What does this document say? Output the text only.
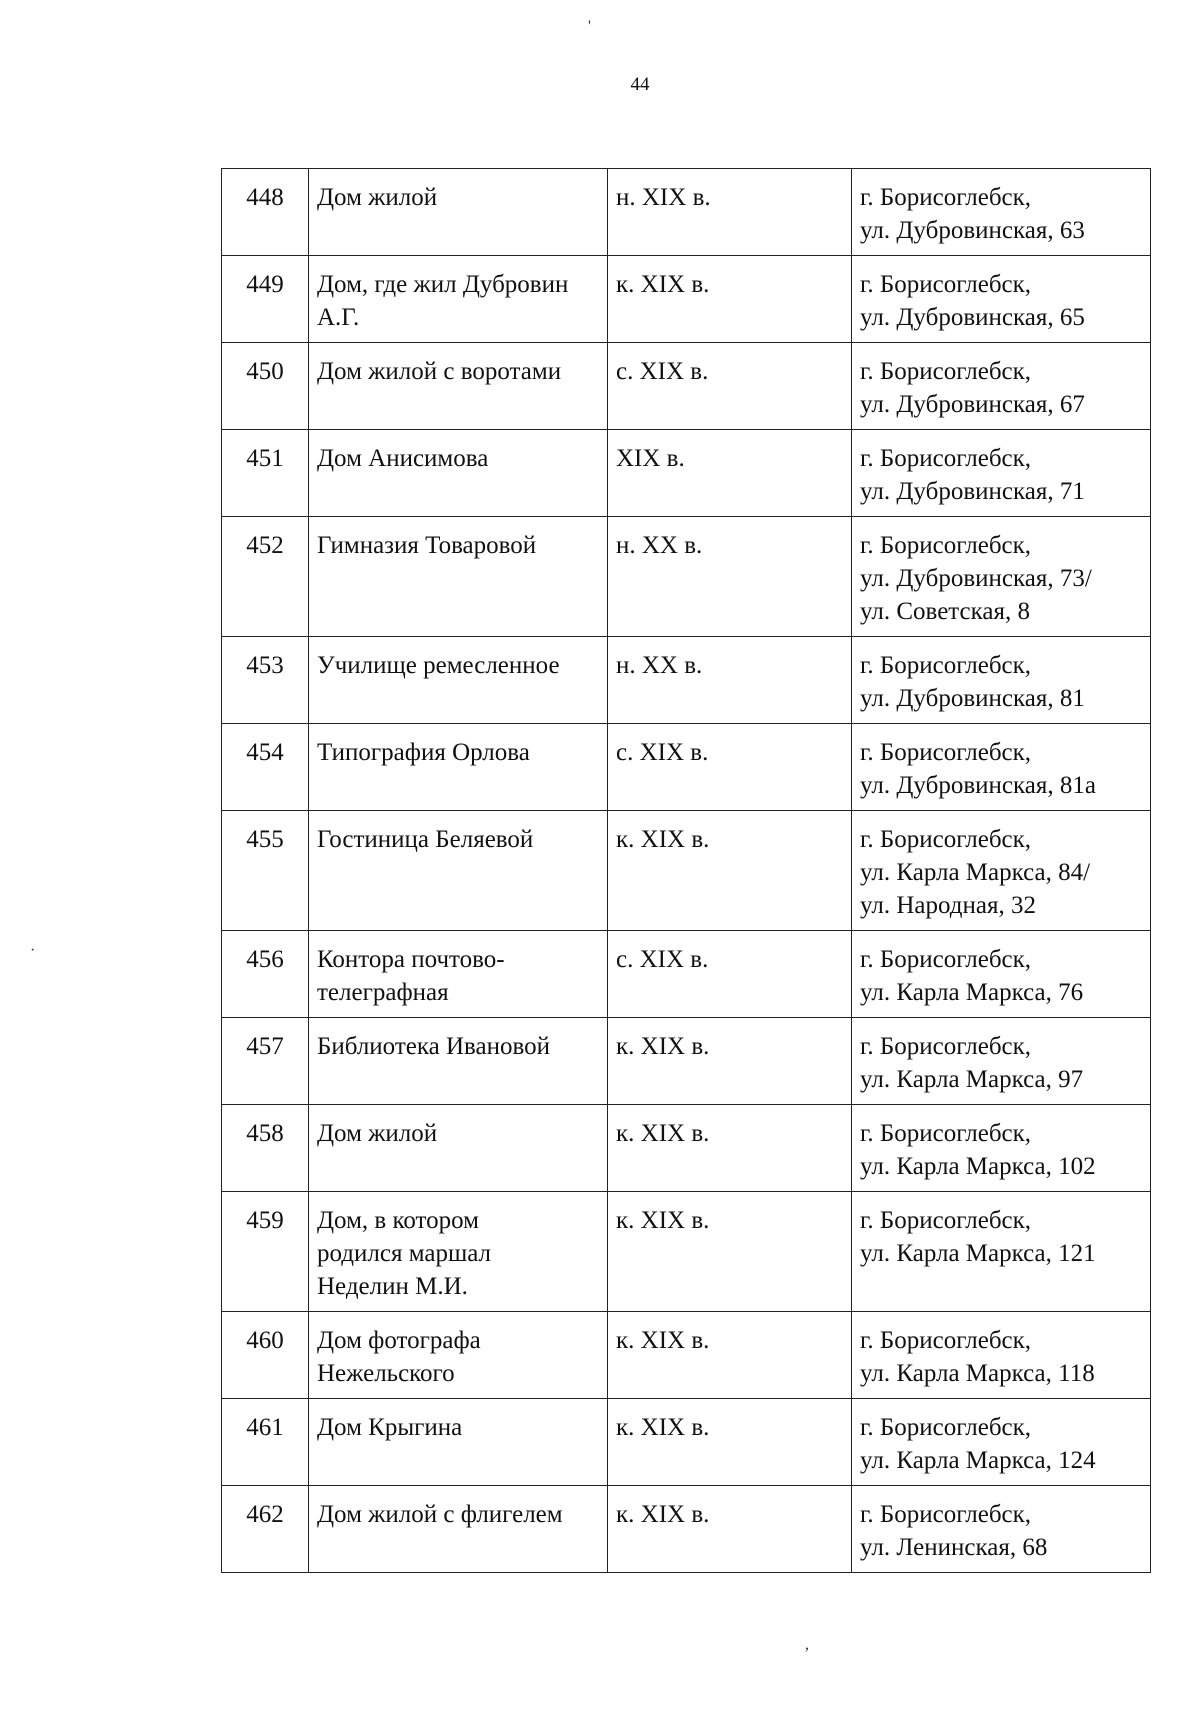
'
·
,
44
448	Дом жилой	н. XIX в.	г. Борисоглебск,
ул. Дубровинская, 63

449	Дом, где жил Дубровин
А.Г.	к. XIX в.	г. Борисоглебск,
ул. Дубровинская, 65

450	Дом жилой с воротами	с. XIX в.	г. Борисоглебск,
ул. Дубровинская, 67

451	Дом Анисимова	XIX в.	г. Борисоглебск,
ул. Дубровинская, 71

452	Гимназия Товаровой	н. XX в.	г. Борисоглебск,
ул. Дубровинская, 73/
ул. Советская, 8

453	Училище ремесленное	н. XX в.	г. Борисоглебск,
ул. Дубровинская, 81

454	Типография Орлова	с. XIX в.	г. Борисоглебск,
ул. Дубровинская, 81а

455	Гостиница Беляевой	к. XIX в.	г. Борисоглебск,
ул. Карла Маркса, 84/
ул. Народная, 32

456	Контора почтово-
телеграфная	с. XIX в.	г. Борисоглебск,
ул. Карла Маркса, 76

457	Библиотека Ивановой	к. XIX в.	г. Борисоглебск,
ул. Карла Маркса, 97

458	Дом жилой	к. XIX в.	г. Борисоглебск,
ул. Карла Маркса, 102

459	Дом, в котором
родился маршал
Неделин М.И.	к. XIX в.	г. Борисоглебск,
ул. Карла Маркса, 121

460	Дом фотографа
Нежельского	к. XIX в.	г. Борисоглебск,
ул. Карла Маркса, 118

461	Дом Крыгина	к. XIX в.	г. Борисоглебск,
ул. Карла Маркса, 124

462	Дом жилой с флигелем	к. XIX в.	г. Борисоглебск,
ул. Ленинская, 68
